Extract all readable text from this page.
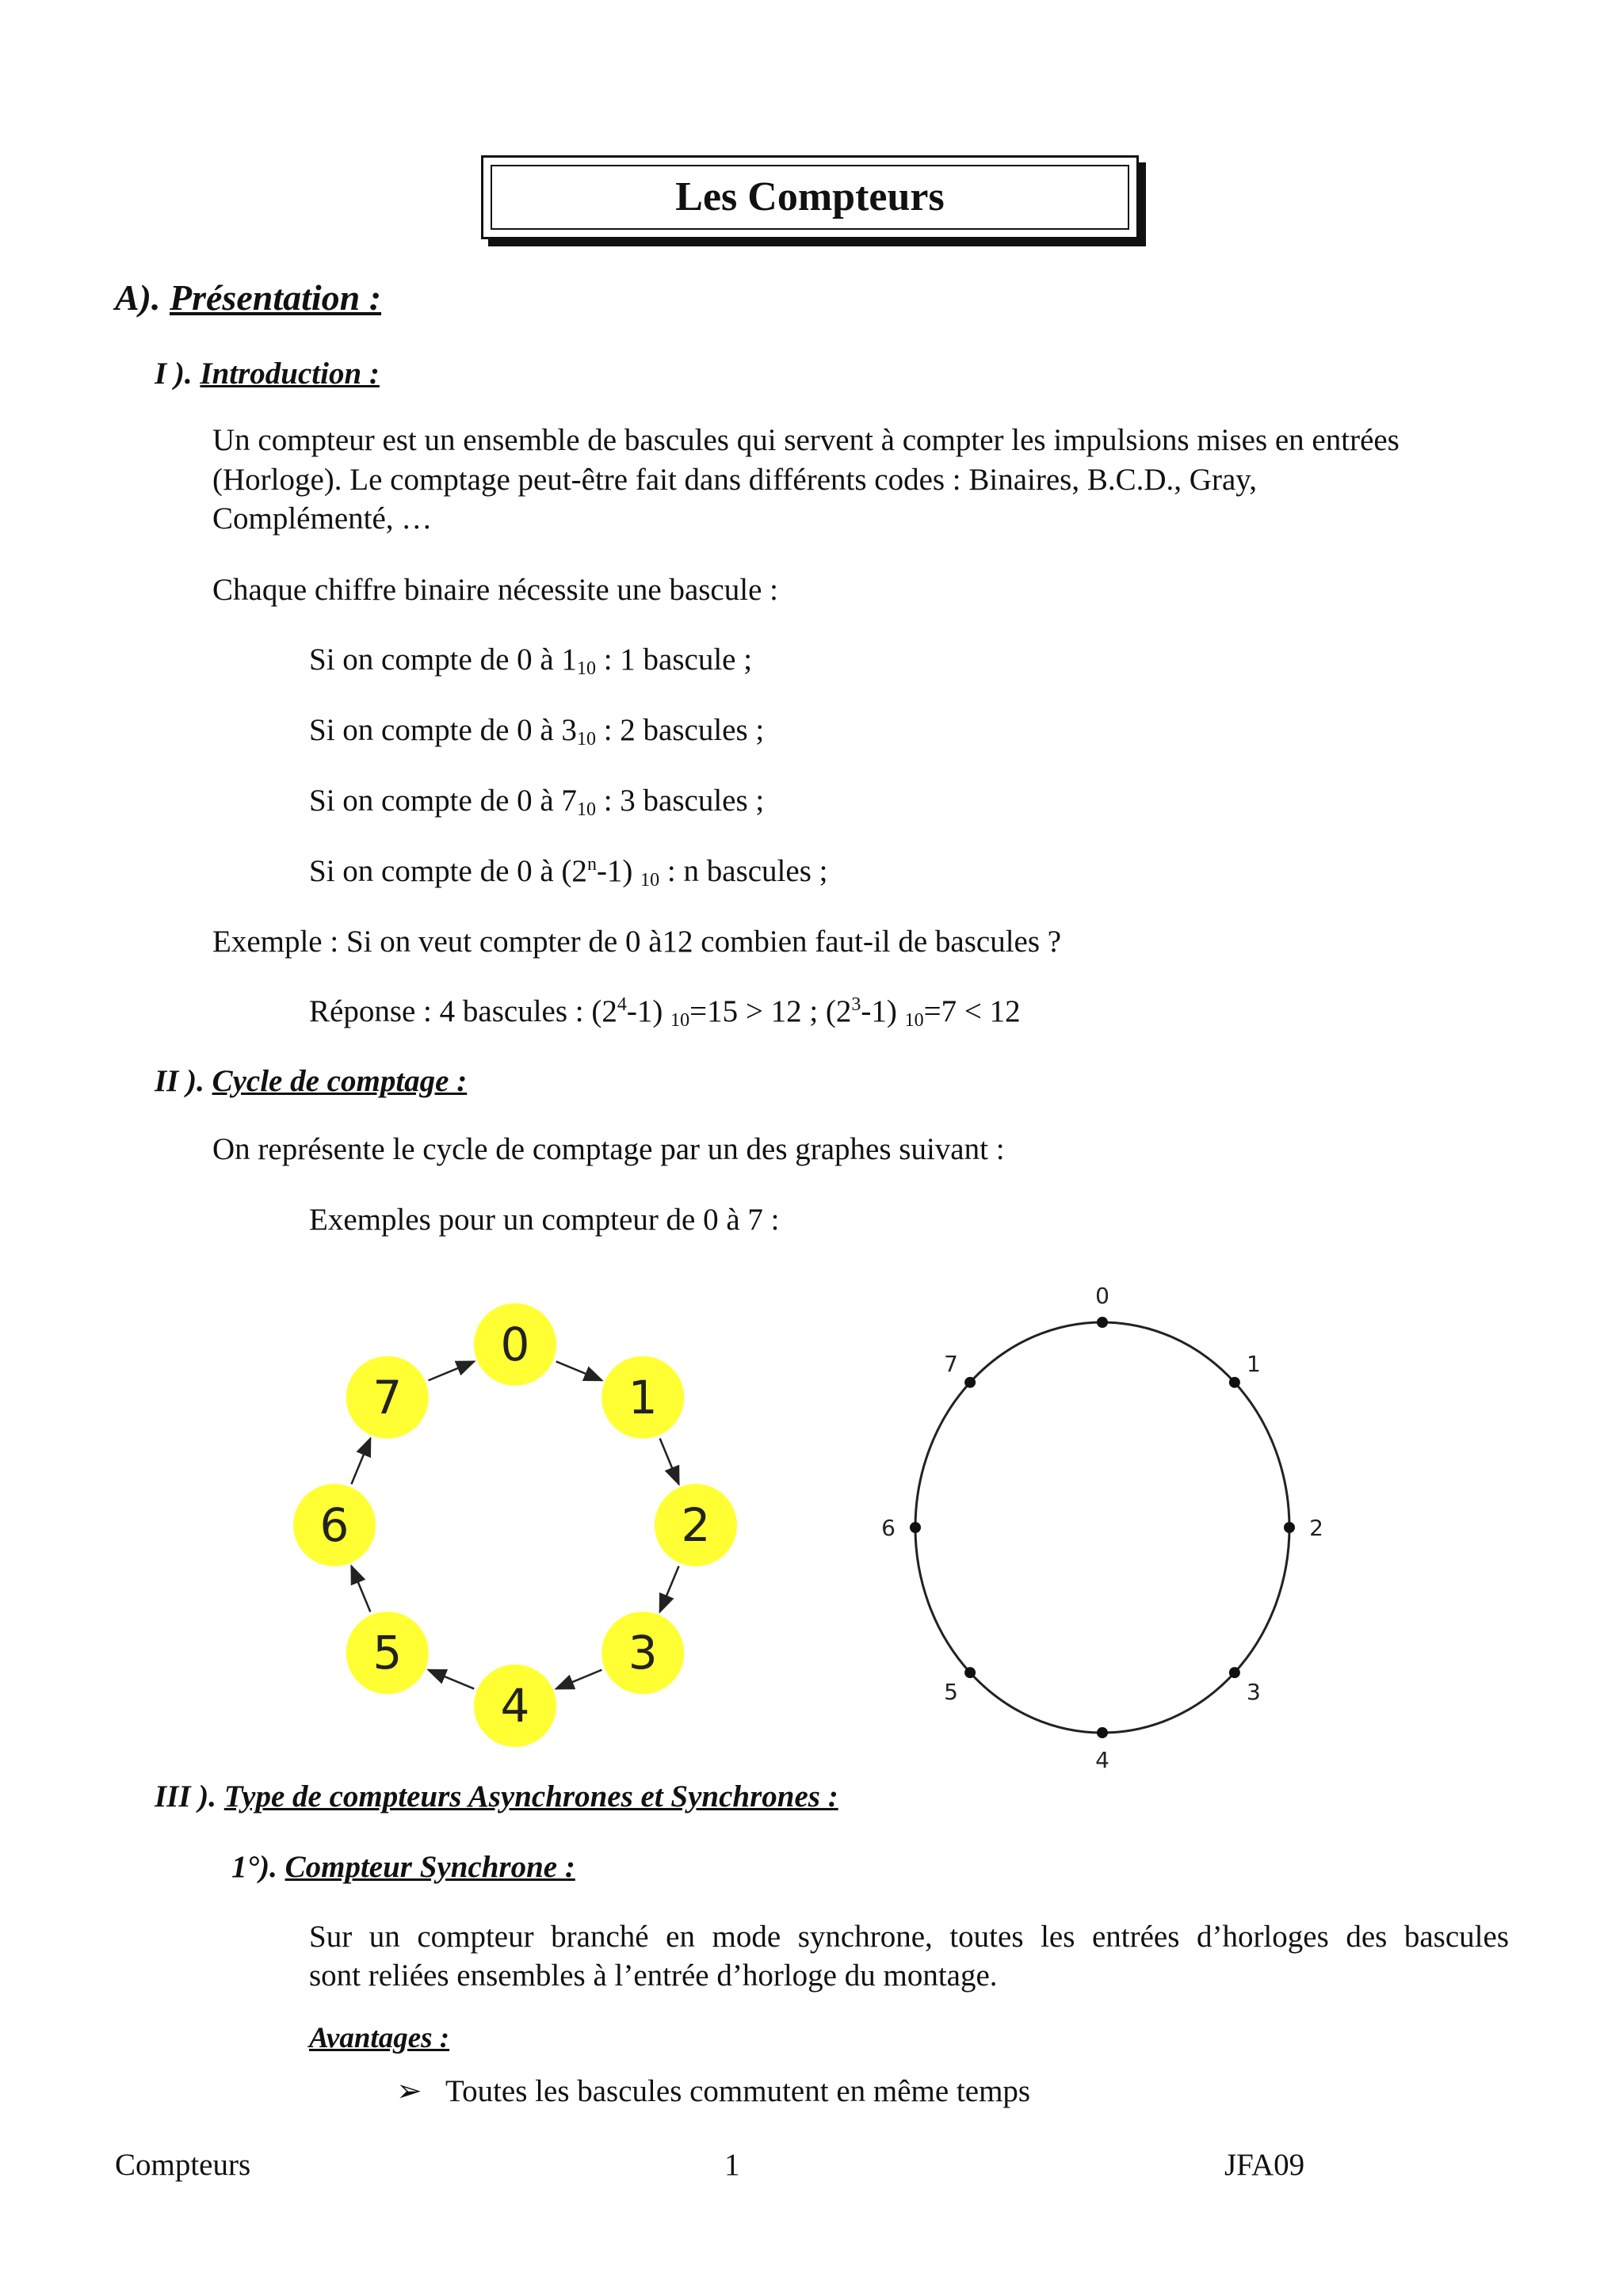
Les Compteurs
A). Présentation :
I ). Introduction :
Un compteur est un ensemble de bascules qui servent à compter les impulsions mises en entrées
(Horloge). Le comptage peut-être fait dans différents codes : Binaires, B.C.D., Gray,
Complémenté, …
Chaque chiffre binaire nécessite une bascule :
Si on compte de 0 à $1_{10}$ : 1 bascule ;
Si on compte de 0 à $3_{10}$ : 2 bascules ;
Si on compte de 0 à $7_{10}$ : 3 bascules ;
Si on compte de 0 à (2$^n$-1) $_{10}$ : n bascules ;
Exemple : Si on veut compter de 0 à12 combien faut-il de bascules ?
Réponse : 4 bascules : $(2^4-1) _{10}=15 > 12$ ; $(2^3-1) _{10}=7 < 12$
II ). Cycle de comptage :
On représente le cycle de comptage par un des graphes suivant :
Exemples pour un compteur de 0 à 7 :
0
1
2
3
4
5
6
7
0
1
2
3
4
5
6
7
III ). Type de compteurs Asynchrones et Synchrones :
1°). Compteur Synchrone :
Sur un compteur branché en mode synchrone, toutes les entrées d’horloges des bascules
sont reliées ensembles à l’entrée d’horloge du montage.
Avantages :
➢ Toutes les bascules commutent en même temps
Compteurs	1	JFA09
